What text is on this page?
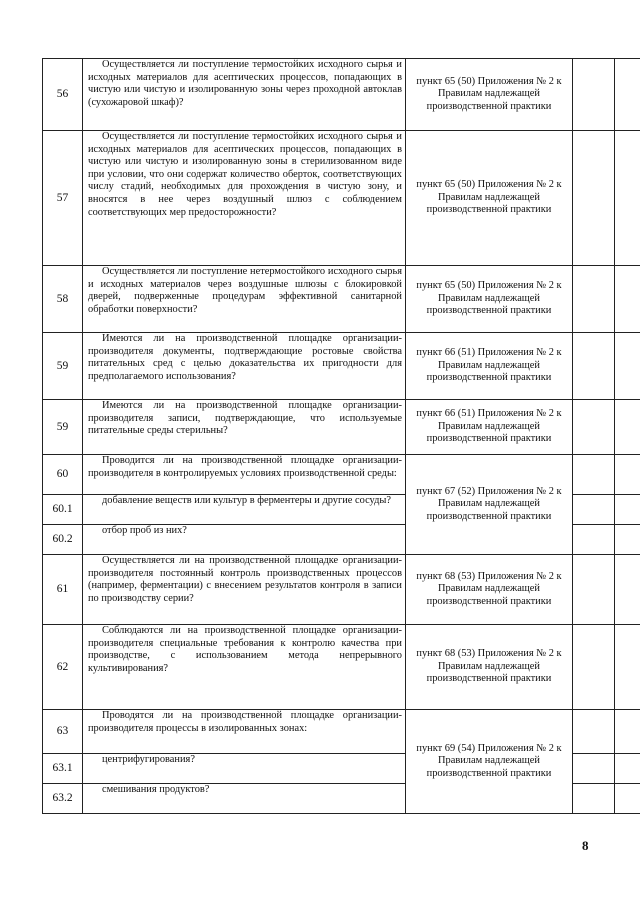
56	Осуществляется ли поступление термостойких исходного сырья и исходных материалов для асептических процессов, попадающих в чистую или чистую и изолированную зоны через проходной автоклав (сухожаровой шкаф)?	пункт 65 (50) Приложения № 2 к Правилам надлежащей производственной практики		
57	Осуществляется ли поступление термостойких исходного сырья и исходных материалов для асептических процессов, попадающих в чистую или чистую и изолированную зоны в стерилизованном виде при условии, что они содержат количество оберток, соответствующих числу стадий, необходимых для прохождения в чистую зону, и вносятся в нее через воздушный шлюз с соблюдением соответствующих мер предосторожности?	пункт 65 (50) Приложения № 2 к Правилам надлежащей производственной практики		
58	Осуществляется ли поступление нетермостойкого исходного сырья и исходных материалов через воздушные шлюзы с блокировкой дверей, подверженные процедурам эффективной санитарной обработки поверхности?	пункт 65 (50) Приложения № 2 к Правилам надлежащей производственной практики		
59	Имеются ли на производственной площадке организации-производителя документы, подтверждающие ростовые свойства питательных сред с целью доказательства их пригодности для предполагаемого использования?	пункт 66 (51) Приложения № 2 к Правилам надлежащей производственной практики		
59	Имеются ли на производственной площадке организации-производителя записи, подтверждающие, что используемые питательные среды стерильны?	пункт 66 (51) Приложения № 2 к Правилам надлежащей производственной практики		
60	Проводится ли на производственной площадке организации-производителя в контролируемых условиях производственной среды:	пункт 67 (52) Приложения № 2 к Правилам надлежащей производственной практики		
60.1	добавление веществ или культур в ферментеры и другие сосуды?			

60.2	отбор проб из них?			

61	Осуществляется ли на производственной площадке организации-производителя постоянный контроль производственных процессов (например, ферментации) с внесением результатов контроля в записи по производству серии?	пункт 68 (53) Приложения № 2 к Правилам надлежащей производственной практики		
62	Соблюдаются ли на производственной площадке организации-производителя специальные требования к контролю качества при производстве, с использованием метода непрерывного культивирования?	пункт 68 (53) Приложения № 2 к Правилам надлежащей производственной практики		
63	Проводятся ли на производственной площадке организации-производителя процессы в изолированных зонах:	пункт 69 (54) Приложения № 2 к Правилам надлежащей производственной практики		
63.1	центрифугирования?			

63.2	смешивания продуктов?			

8
